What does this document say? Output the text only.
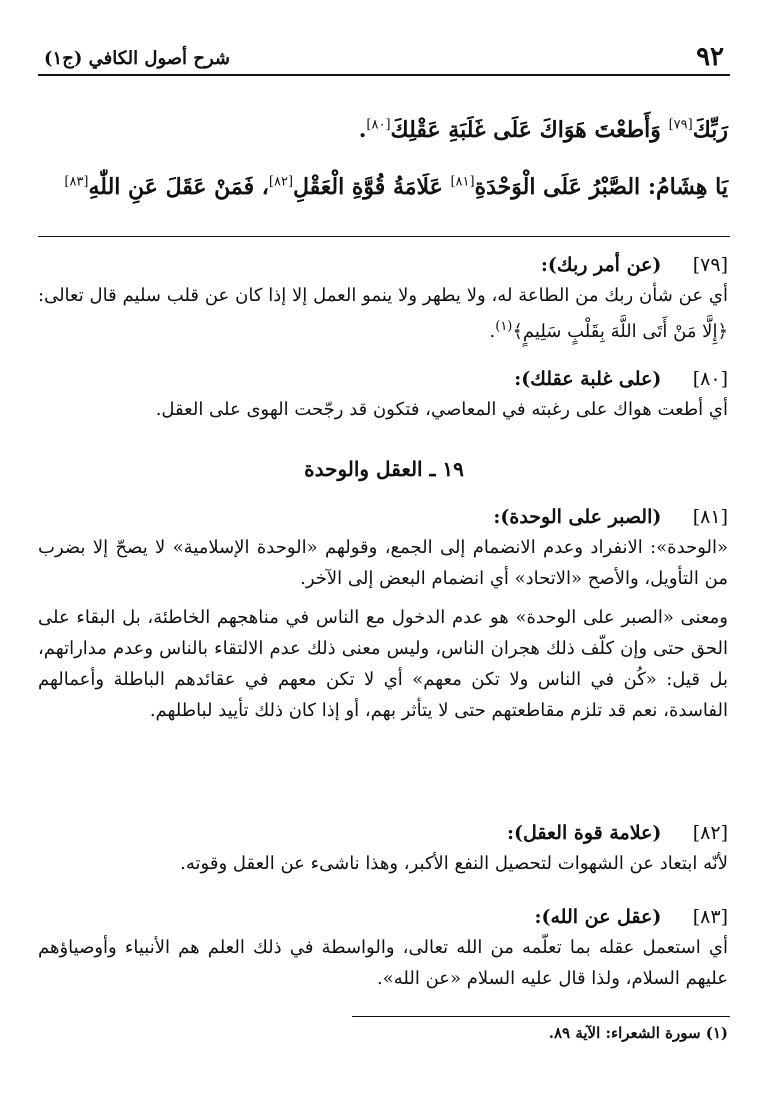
٩٢
شرح أصول الكافي (ج١)
رَبِّكَ[٧٩] وَأَطعْتَ هَوَاكَ عَلَى غَلَبَةِ عَقْلِكَ[٨٠].
يَا هِشَامُ: الصَّبْرُ عَلَى الْوَحْدَةِ[٨١] عَلَامَةُ قُوَّةِ الْعَقْلِ[٨٢]، فَمَنْ عَقَلَ عَنِ اللّٰهِ[٨٣]
[٧٩] (عن أمر ربك):

أي عن شأن ربك من الطاعة له، ولا يطهر ولا ينمو العمل إلا إذا كان عن قلب سليم قال تعالى: ﴿إِلَّا مَنْ أَتَى اللَّهَ بِقَلْبٍ سَلِيمٍ﴾$^{(١)}$.

[٨٠] (على غلبة عقلك):

أي أطعت هواك على رغبته في المعاصي، فتكون قد رجّحت الهوى على العقل.

١٩ ـ العقل والوحدة
[٨١] (الصبر على الوحدة):

«الوحدة»: الانفراد وعدم الانضمام إلى الجمع، وقولهم «الوحدة الإسلامية» لا يصحّ إلا بضرب من التأويل، والأصح «الاتحاد» أي انضمام البعض إلى الآخر.

ومعنى «الصبر على الوحدة» هو عدم الدخول مع الناس في مناهجهم الخاطئة، بل البقاء على الحق حتى وإن كلّف ذلك هجران الناس، وليس معنى ذلك عدم الالتقاء بالناس وعدم مداراتهم، بل قيل: «كُن في الناس ولا تكن معهم» أي لا تكن معهم في عقائدهم الباطلة وأعمالهم الفاسدة، نعم قد تلزم مقاطعتهم حتى لا يتأثر بهم، أو إذا كان ذلك تأييد لباطلهم.

[٨٢] (علامة قوة العقل):

لأنّه ابتعاد عن الشهوات لتحصيل النفع الأكبر، وهذا ناشىء عن العقل وقوته.

[٨٣] (عقل عن الله):

أي استعمل عقله بما تعلّمه من الله تعالى، والواسطة في ذلك العلم هم الأنبياء وأوصياؤهم عليهم السلام، ولذا قال عليه السلام «عن الله».

(١) سورة الشعراء: الآية ٨٩.
